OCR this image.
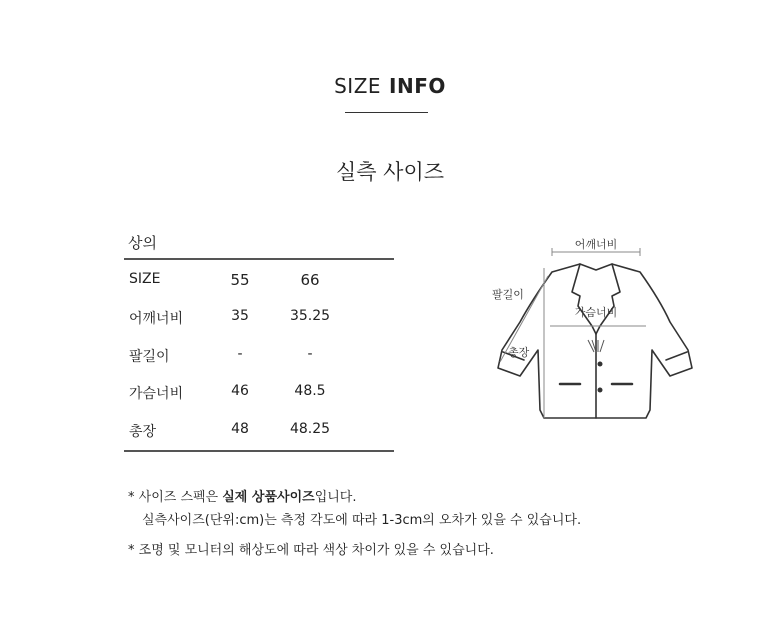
SIZE INFO
실측 사이즈
상의
SIZE	55	66
어깨너비	35	35.25
팔길이	-	-
가슴너비	46	48.5
총장	48	48.25
어깨너비
가슴너비
팔길이
총장
* 사이즈 스펙은 실제 상품사이즈입니다.
실측사이즈(단위:cm)는 측정 각도에 따라 1-3cm의 오차가 있을 수 있습니다.
* 조명 및 모니터의 해상도에 따라 색상 차이가 있을 수 있습니다.
